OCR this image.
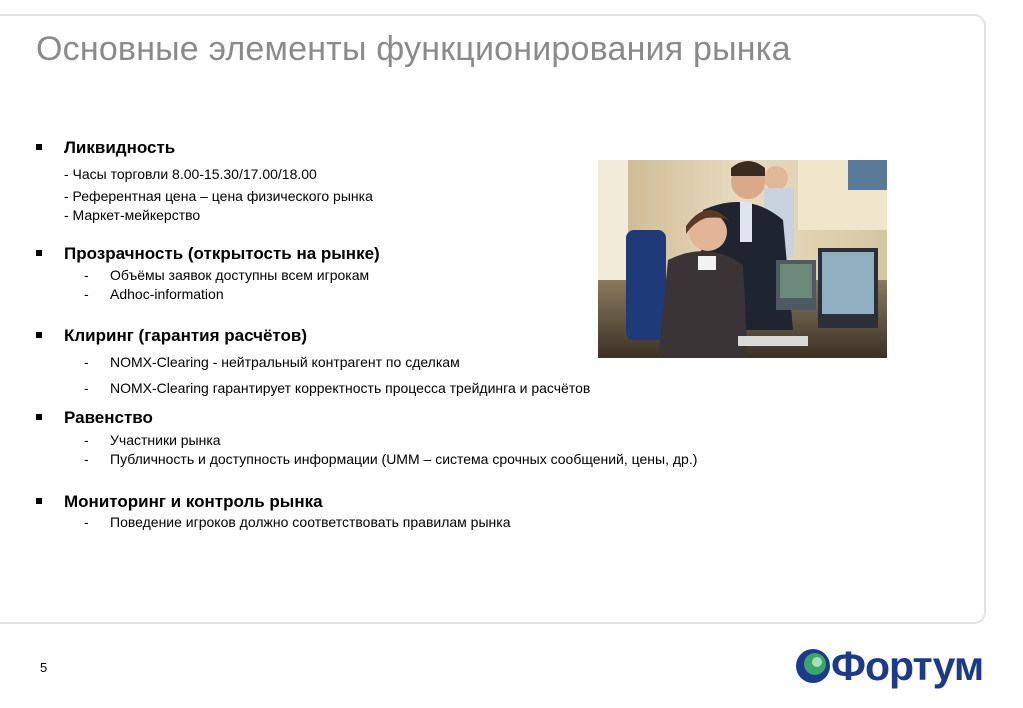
Основные элементы функционирования рынка
Ликвидность
- Часы торговли 8.00-15.30/17.00/18.00
- Референтная цена – цена физического рынка
- Маркет-мейкерство
Прозрачность (открытость на рынке)
- Объёмы заявок доступны всем игрокам
- Adhoc-information
Клиринг (гарантия расчётов)
- NOMX-Clearing - нейтральный контрагент по сделкам
- NOMX-Clearing гарантирует корректность процесса трейдинга и расчётов
Равенство
- Участники рынка
- Публичность и доступность информации (UMM – система срочных сообщений, цены, др.)
Мониторинг и контроль рынка
- Поведение игроков должно соответствовать правилам рынка
5	Фортум
